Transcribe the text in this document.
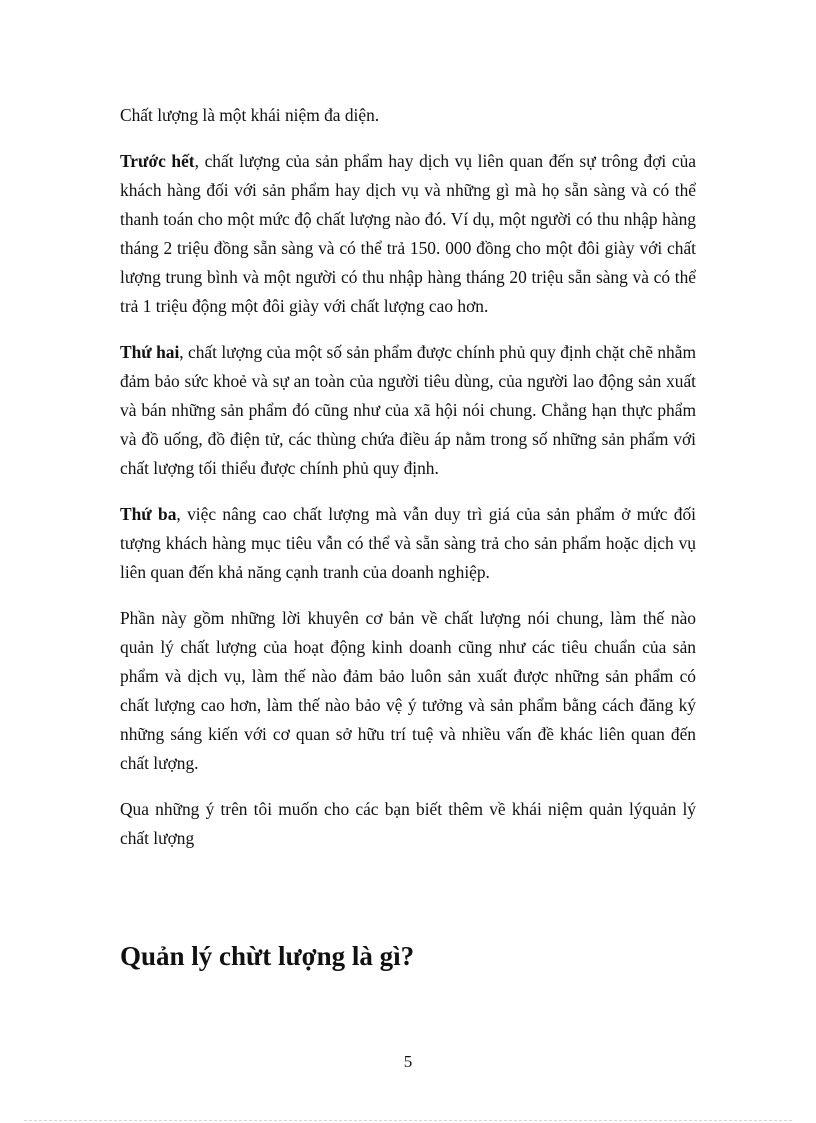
Chất lượng là một khái niệm đa diện.

Trước hết, chất lượng của sản phẩm hay dịch vụ liên quan đến sự trông đợi của khách hàng đối với sản phẩm hay dịch vụ và những gì mà họ sẵn sàng và có thể thanh toán cho một mức độ chất lượng nào đó. Ví dụ, một người có thu nhập hàng tháng 2 triệu đồng sẵn sàng và có thể trả 150. 000 đồng cho một đôi giày với chất lượng trung bình và một người có thu nhập hàng tháng 20 triệu sẵn sàng và có thể trả 1 triệu động một đôi giày với chất lượng cao hơn.

Thứ hai, chất lượng của một số sản phẩm được chính phủ quy định chặt chẽ nhằm đảm bảo sức khoẻ và sự an toàn của người tiêu dùng, của người lao động sản xuất và bán những sản phẩm đó cũng như của xã hội nói chung. Chẳng hạn thực phẩm và đồ uống, đồ điện tử, các thùng chứa điều áp nằm trong số những sản phẩm với chất lượng tối thiểu được chính phủ quy định.

Thứ ba, việc nâng cao chất lượng mà vẫn duy trì giá của sản phẩm ở mức đối tượng khách hàng mục tiêu vẫn có thể và sẵn sàng trả cho sản phẩm hoặc dịch vụ liên quan đến khả năng cạnh tranh của doanh nghiệp.

Phần này gồm những lời khuyên cơ bản về chất lượng nói chung, làm thế nào quản lý chất lượng của hoạt động kinh doanh cũng như các tiêu chuẩn của sản phẩm và dịch vụ, làm thế nào đảm bảo luôn sản xuất được những sản phẩm có chất lượng cao hơn, làm thế nào bảo vệ ý tưởng và sản phẩm bằng cách đăng ký những sáng kiến với cơ quan sở hữu trí tuệ và nhiều vấn đề khác liên quan đến chất lượng.

Qua những ý trên tôi muốn cho các bạn biết thêm về khái niệm quản lýquản lý chất lượng

Quản lý chừt lượng là gì?
5
